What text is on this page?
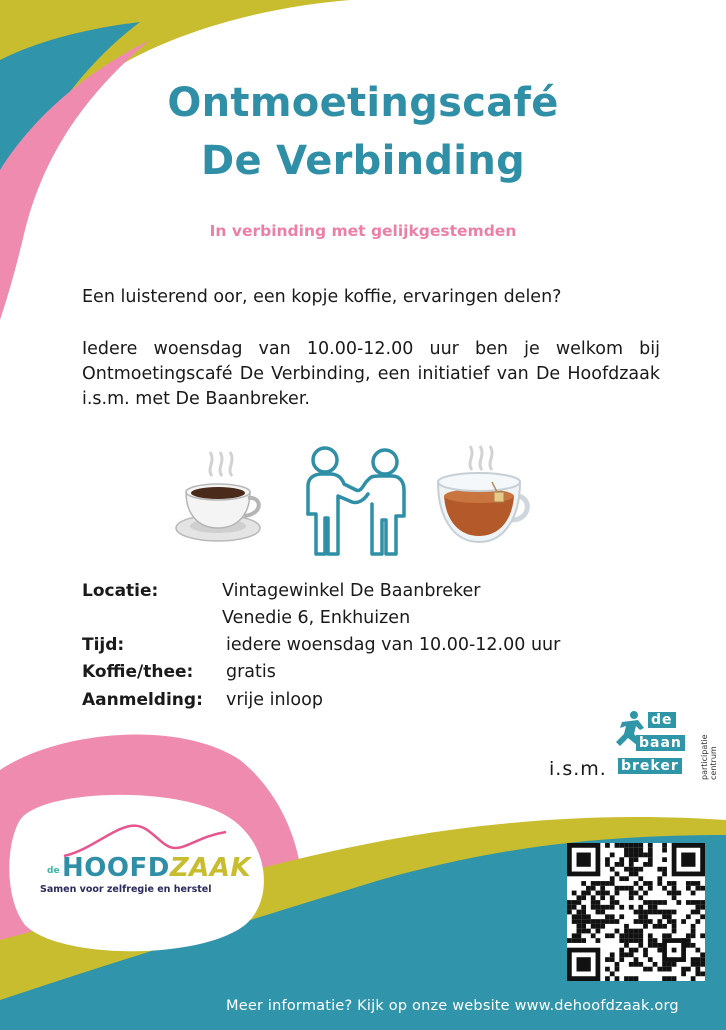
Ontmoetingscafé
De Verbinding
In verbinding met gelijkgestemden
Een luisterend oor, een kopje koffie, ervaringen delen?
Iedere woensdag van 10.00-12.00 uur ben je welkom bij Ontmoetingscafé De Verbinding, een initiatief van De Hoofdzaak i.s.m. met De Baanbreker.
Locatie:	Vintagewinkel De Baanbreker
Venedie 6, Enkhuizen
Tijd:	iedere woensdag van 10.00-12.00 uur
Koffie/thee: gratis
Aanmelding: vrije inloop
i.s.m.
de
baan
breker	participatie
centrum
de HOOFDZAAK
Samen voor zelfregie en herstel
Meer informatie? Kijk op onze website www.dehoofdzaak.org
